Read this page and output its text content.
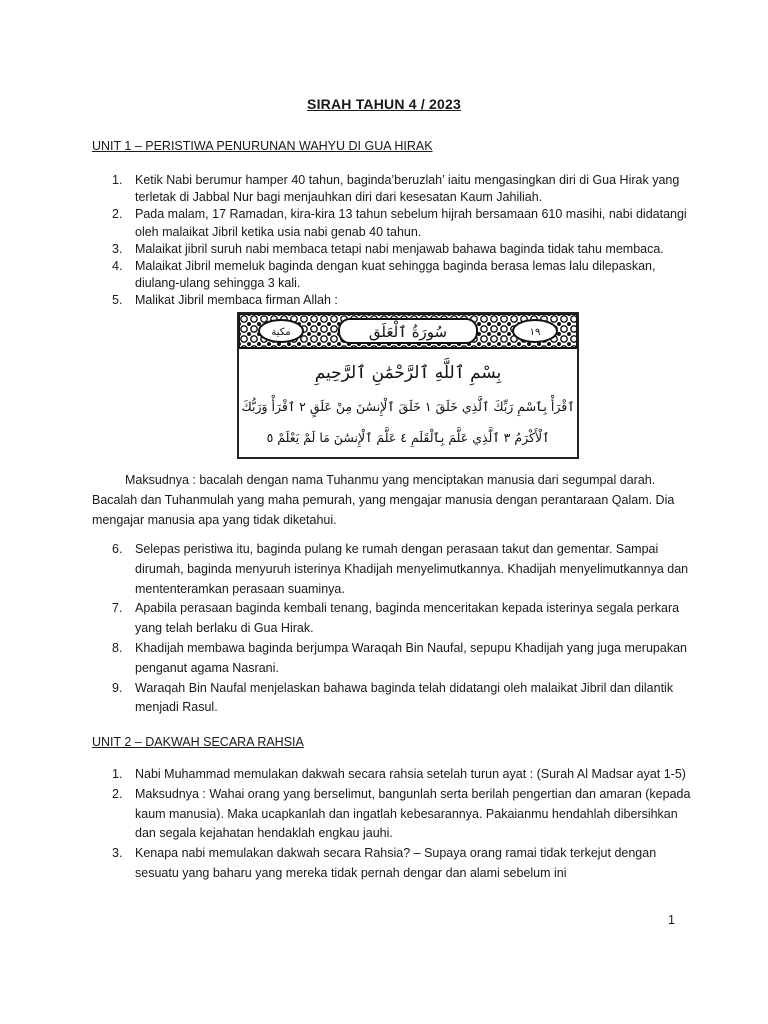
SIRAH TAHUN 4 / 2023
UNIT 1 – PERISTIWA PENURUNAN WAHYU DI GUA HIRAK
1. Ketik Nabi berumur hamper 40 tahun, baginda’beruzlah’ iaitu mengasingkan diri di Gua Hirak yang terletak di Jabbal Nur bagi menjauhkan diri dari kesesatan Kaum Jahiliah.
2. Pada malam, 17 Ramadan, kira-kira 13 tahun sebelum hijrah bersamaan 610 masihi, nabi didatangi oleh malaikat Jibril ketika usia nabi genab 40 tahun.
3. Malaikat jibril suruh nabi membaca tetapi nabi menjawab bahawa baginda tidak tahu membaca.
4. Malaikat Jibril memeluk baginda dengan kuat sehingga baginda berasa lemas lalu dilepaskan, diulang-ulang sehingga 3 kali.
5. Malikat Jibril membaca firman Allah :
مكية	١٩
سُورَةُ ٱلْعَلَق
بِسْمِ ٱللَّهِ ٱلرَّحْمَٰنِ ٱلرَّحِيمِ
ٱقْرَأْ بِٱسْمِ رَبِّكَ ٱلَّذِي خَلَقَ ١ خَلَقَ ٱلْإِنسَٰنَ مِنْ عَلَقٍ ٢ ٱقْرَأْ وَرَبُّكَ
ٱلْأَكْرَمُ ٣ ٱلَّذِي عَلَّمَ بِٱلْقَلَمِ ٤ عَلَّمَ ٱلْإِنسَٰنَ مَا لَمْ يَعْلَمْ ٥
Maksudnya : bacalah dengan nama Tuhanmu yang menciptakan manusia dari segumpal darah. Bacalah dan Tuhanmulah yang maha pemurah, yang mengajar manusia dengan perantaraan Qalam. Dia mengajar manusia apa yang tidak diketahui.
6. Selepas peristiwa itu, baginda pulang ke rumah dengan perasaan takut dan gementar. Sampai dirumah, baginda menyuruh isterinya Khadijah menyelimutkannya. Khadijah menyelimutkannya dan mententeramkan perasaan suaminya.
7. Apabila perasaan baginda kembali tenang, baginda menceritakan kepada isterinya segala perkara yang telah berlaku di Gua Hirak.
8. Khadijah membawa baginda berjumpa Waraqah Bin Naufal, sepupu Khadijah yang juga merupakan penganut agama Nasrani.
9. Waraqah Bin Naufal menjelaskan bahawa baginda telah didatangi oleh malaikat Jibril dan dilantik menjadi Rasul.
UNIT 2 – DAKWAH SECARA RAHSIA
1. Nabi Muhammad memulakan dakwah secara rahsia setelah turun ayat : (Surah Al Madsar ayat 1-5)
2. Maksudnya : Wahai orang yang berselimut, bangunlah serta berilah pengertian dan amaran (kepada kaum manusia). Maka ucapkanlah dan ingatlah kebesarannya. Pakaianmu hendahlah dibersihkan dan segala kejahatan hendaklah engkau jauhi.
3. Kenapa nabi memulakan dakwah secara Rahsia? – Supaya orang ramai tidak terkejut dengan sesuatu yang baharu yang mereka tidak pernah dengar dan alami sebelum ini
1
